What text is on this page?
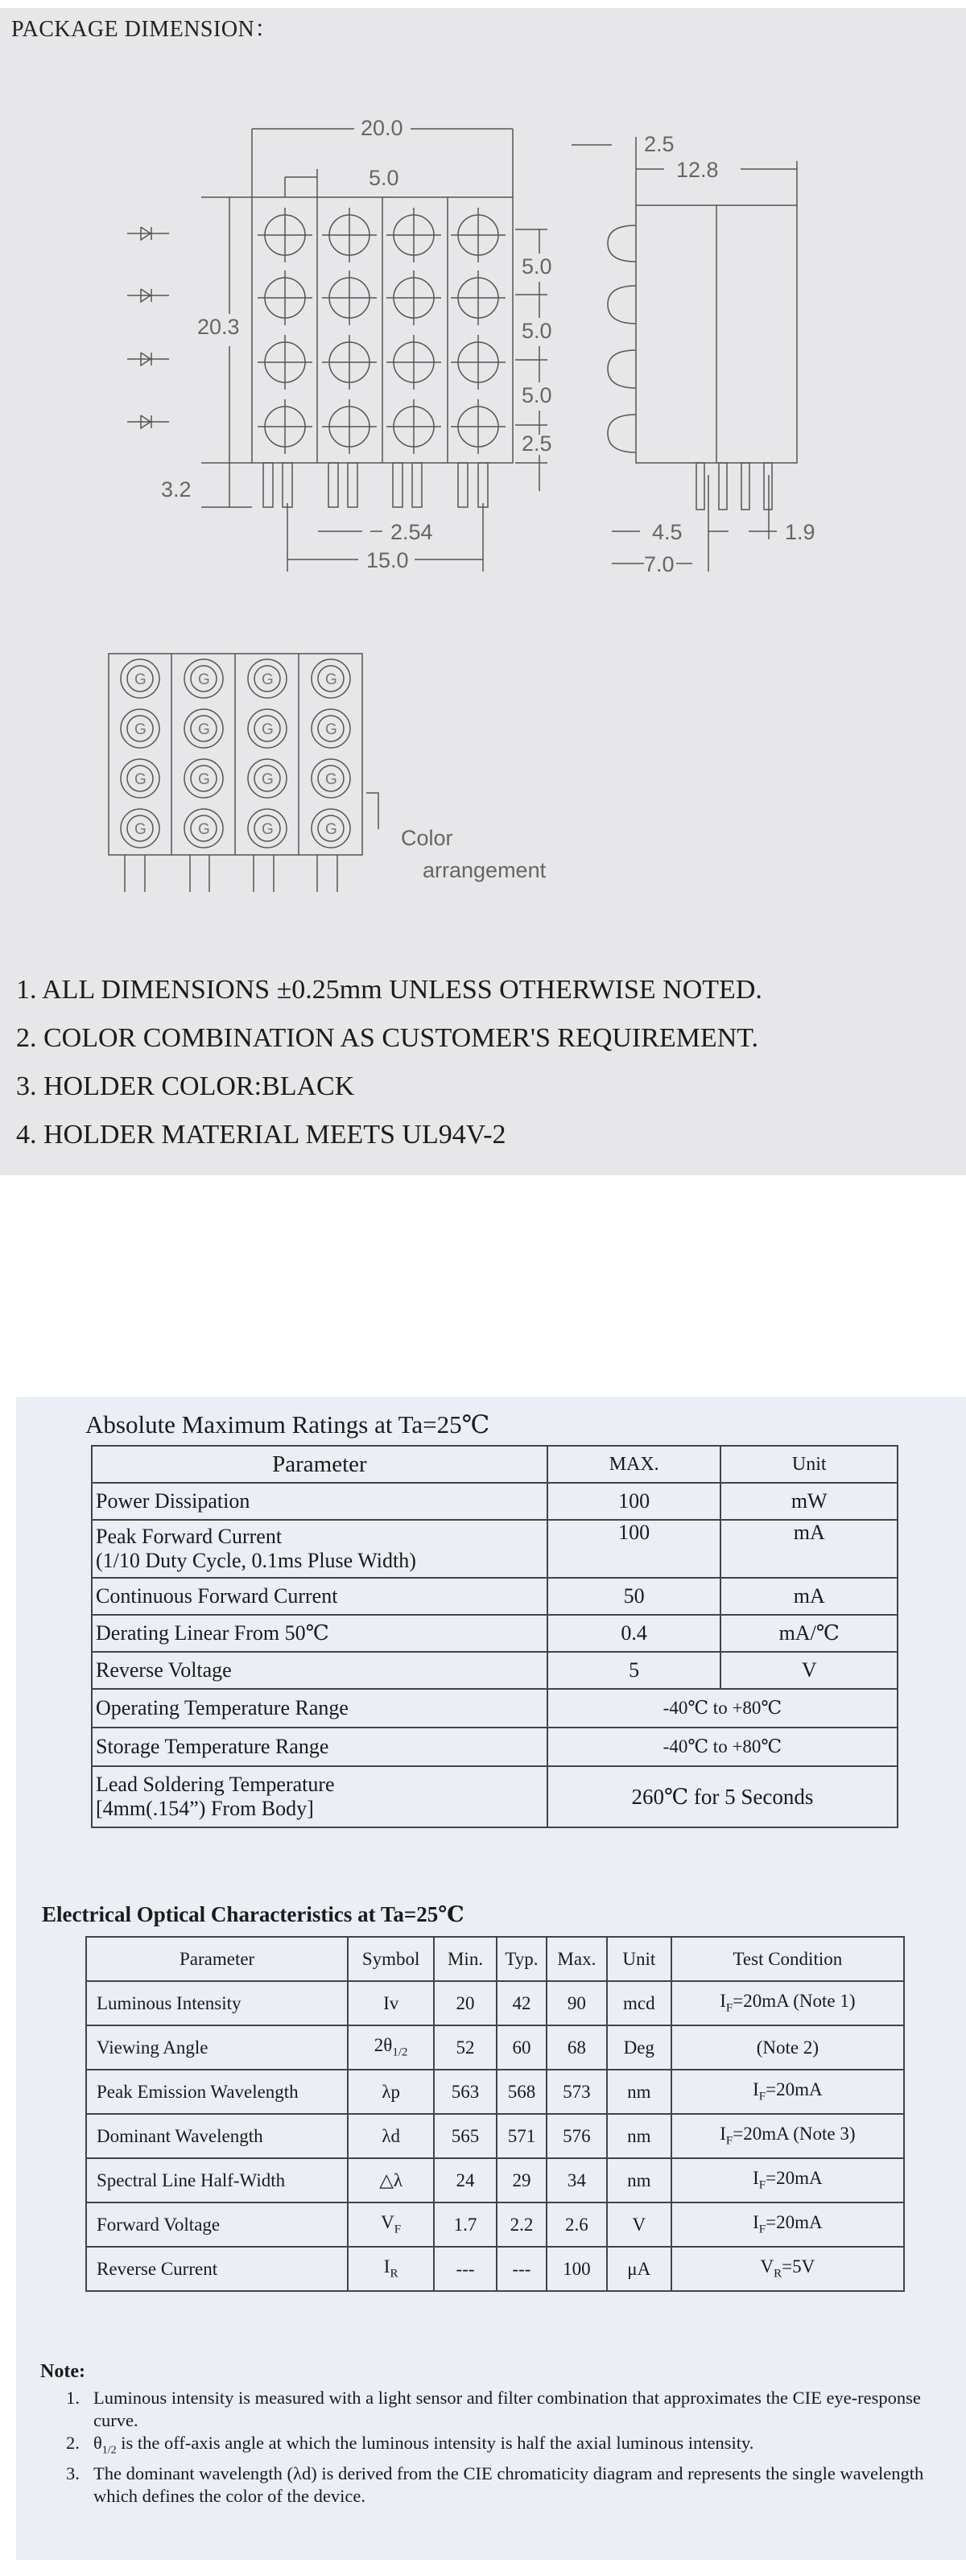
PACKAGE DIMENSION：
G	G	G	G
G	G	G	G
G	G	G	G
G	G	G	G
20.0
5.0
20.3
5.0
5.0
5.0
2.5
3.2
2.54
15.0
2.5
12.8
4.5	1.9
7.0
Color
arrangement
1. ALL DIMENSIONS ±0.25mm UNLESS OTHERWISE NOTED.
2. COLOR COMBINATION AS CUSTOMER'S REQUIREMENT.
3. HOLDER COLOR:BLACK
4. HOLDER MATERIAL MEETS UL94V-2
Absolute Maximum Ratings at Ta=25℃
Parameter	MAX.	Unit
Power Dissipation	100	mW

Peak Forward Current
(1/10 Duty Cycle, 0.1ms Pluse Width)	100	mA
Continuous Forward Current	50	mA
Derating Linear From 50℃	0.4	mA/℃
Reverse Voltage	5	V
Operating Temperature Range	-40℃ to +80℃	
Storage Temperature Range	-40℃ to +80℃	

Lead Soldering Temperature
[4mm(.154”) From Body]	260℃ for 5 Seconds	
Electrical Optical Characteristics at Ta=25℃
Parameter	Symbol	Min.	Typ.	Max.	Unit	Test Condition
Luminous Intensity	Iv	20	42	90	mcd	$I_F=20mA$ (Note 1)
Viewing Angle	$2\theta_{1/2}$	52	60	68	Deg	(Note 2)
Peak Emission Wavelength	λp	563	568	573	nm	$I_F=20mA$
Dominant Wavelength	λd	565	571	576	nm	$I_F=20mA$ (Note 3)
Spectral Line Half-Width	△λ	24	29	34	nm	$I_F=20mA$
Forward Voltage	$V_F$	1.7	2.2	2.6	V	$I_F=20mA$
Reverse Current	$I_R$	---	---	100	μA	$V_R=5V$
Note:
1. Luminous intensity is measured with a light sensor and filter combination that approximates the CIE eye-response curve.
2. $\theta_{1/2}$ is the off-axis angle at which the luminous intensity is half the axial luminous intensity.
3. The dominant wavelength (λd) is derived from the CIE chromaticity diagram and represents the single wavelength which defines the color of the device.
